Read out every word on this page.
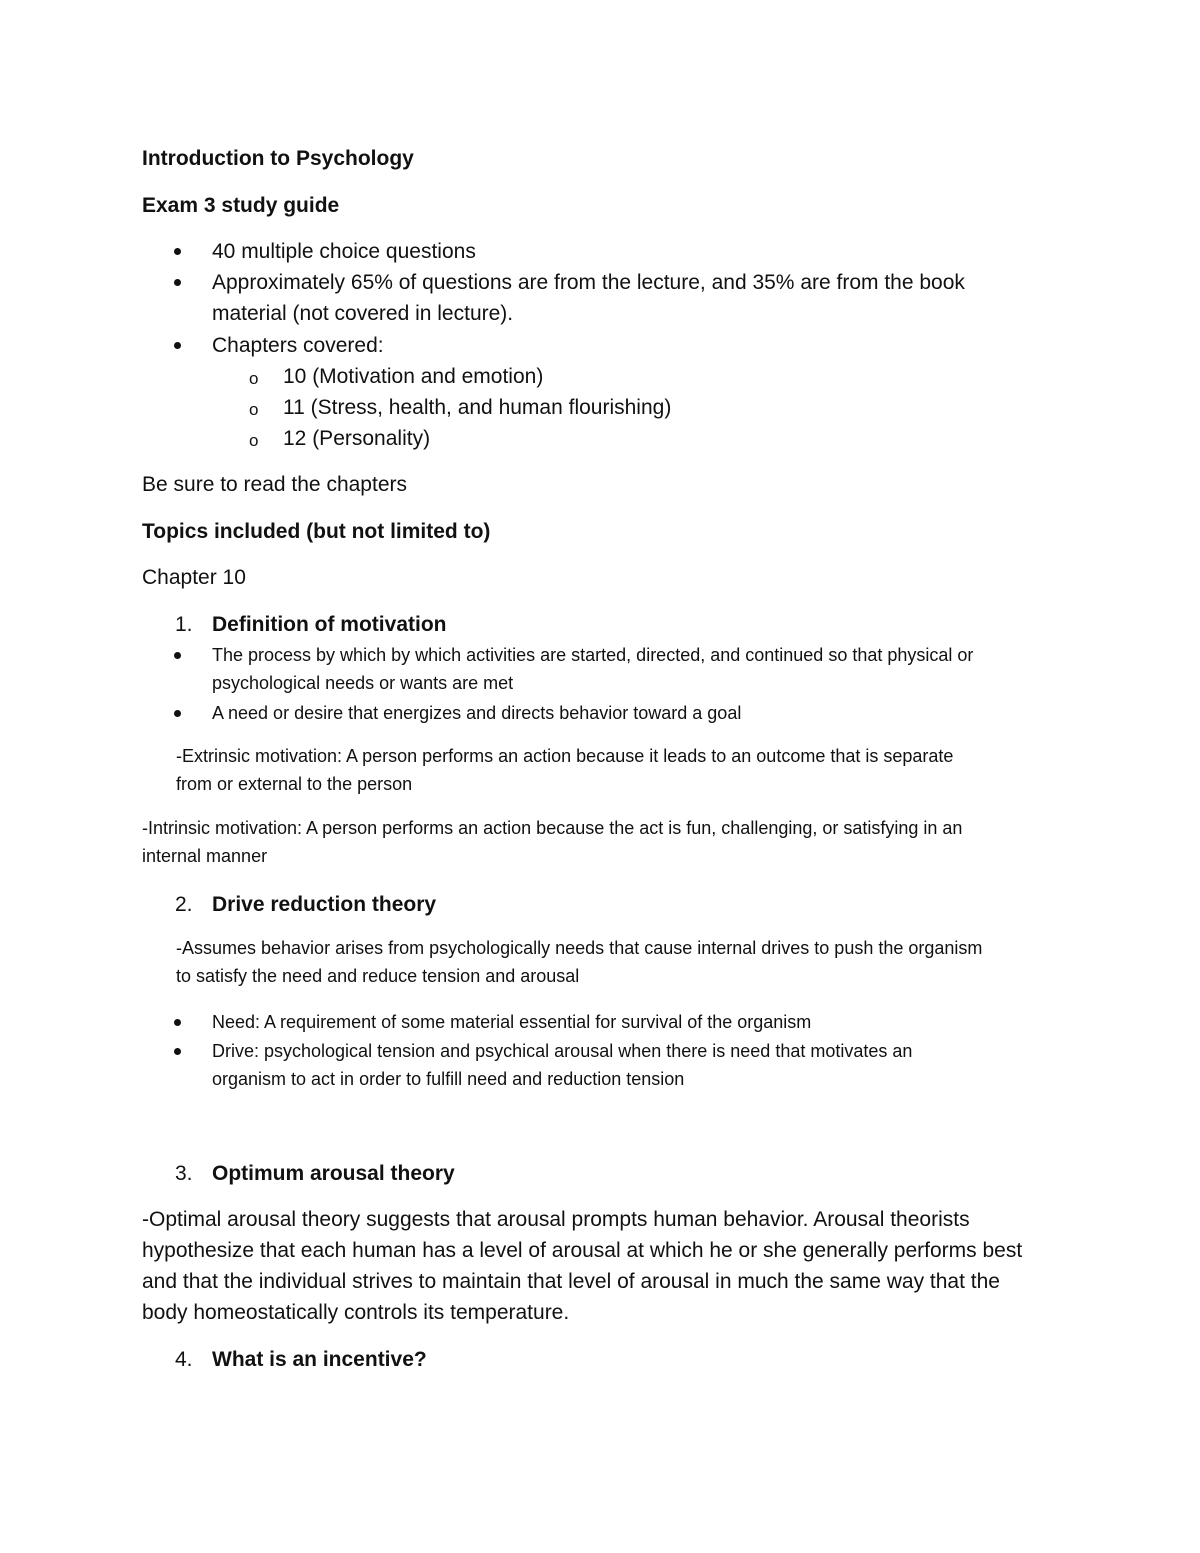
Introduction to Psychology

Exam 3 study guide

40 multiple choice questions

Approximately 65% of questions are from the lecture, and 35% are from the book

material (not covered in lecture).

Chapters covered:

o 10 (Motivation and emotion)

o 11 (Stress, health, and human flourishing)

o 12 (Personality)

Be sure to read the chapters

Topics included (but not limited to)

Chapter 10

1. Definition of motivation

The process by which by which activities are started, directed, and continued so that physical or

psychological needs or wants are met

A need or desire that energizes and directs behavior toward a goal

-Extrinsic motivation: A person performs an action because it leads to an outcome that is separate

from or external to the person

-Intrinsic motivation: A person performs an action because the act is fun, challenging, or satisfying in an

internal manner

2. Drive reduction theory

-Assumes behavior arises from psychologically needs that cause internal drives to push the organism

to satisfy the need and reduce tension and arousal

Need: A requirement of some material essential for survival of the organism

Drive: psychological tension and psychical arousal when there is need that motivates an

organism to act in order to fulfill need and reduction tension

3. Optimum arousal theory

-Optimal arousal theory suggests that arousal prompts human behavior. Arousal theorists

hypothesize that each human has a level of arousal at which he or she generally performs best

and that the individual strives to maintain that level of arousal in much the same way that the

body homeostatically controls its temperature.

4. What is an incentive?
